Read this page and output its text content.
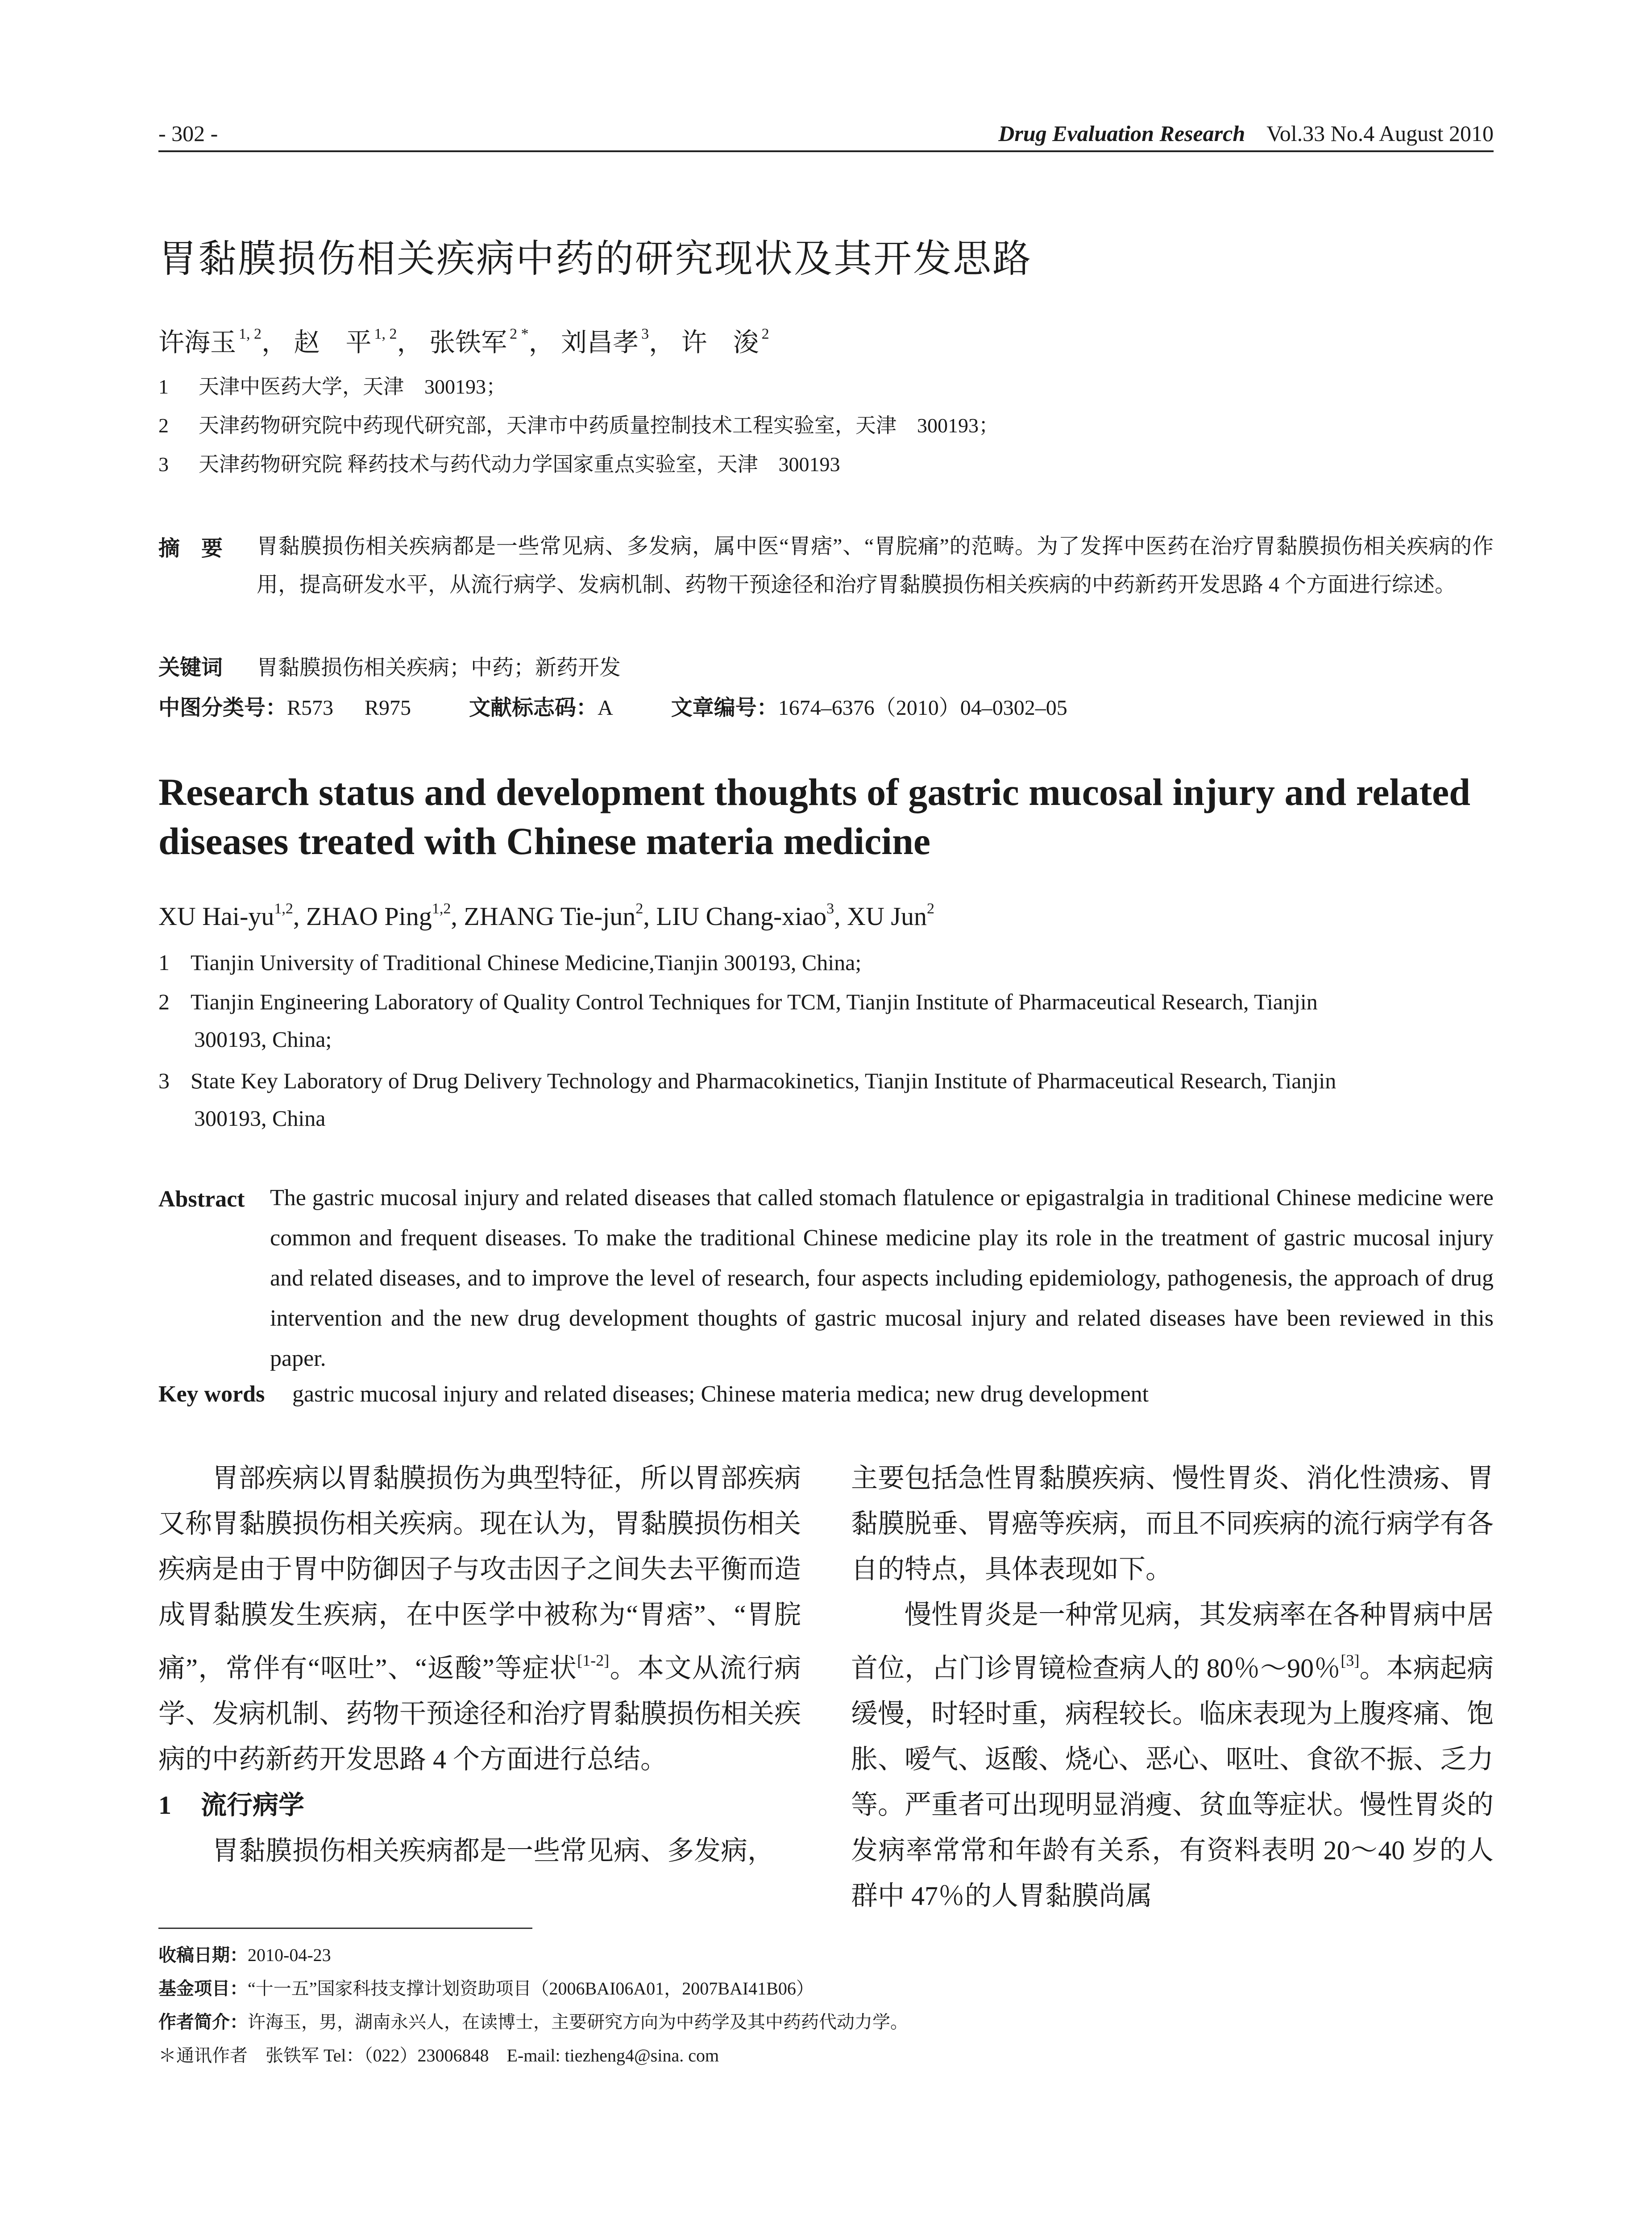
- 302 -	Drug Evaluation Research Vol.33 No.4 August 2010
胃黏膜损伤相关疾病中药的研究现状及其开发思路
许海玉 $^{1, 2}$， 赵　平 $^{1, 2}$， 张铁军 $^{2 *}$， 刘昌孝 $^3$， 许　浚 $^2$
1 天津中医药大学，天津　300193；
2 天津药物研究院中药现代研究部，天津市中药质量控制技术工程实验室，天津　300193；
3 天津药物研究院 释药技术与药代动力学国家重点实验室，天津　300193
摘　要 胃黏膜损伤相关疾病都是一些常见病、多发病，属中医“胃痞”、“胃脘痛”的范畴。为了发挥中医药在治疗胃黏膜损伤相关疾病的作用，提高研发水平，从流行病学、发病机制、药物干预途径和治疗胃黏膜损伤相关疾病的中药新药开发思路 4 个方面进行综述。
关键词 胃黏膜损伤相关疾病；中药；新药开发
中图分类号：R573 R975	文献标志码：A	文章编号：1674–6376（2010）04–0302–05
Research status and development thoughts of gastric mucosal injury and related diseases treated with Chinese materia medicine
XU Hai-yu$^{1,2}$, ZHAO Ping$^{1,2}$, ZHANG Tie-jun$^2$, LIU Chang-xiao$^3$, XU Jun$^2$
1 Tianjin University of Traditional Chinese Medicine,Tianjin 300193, China;
2 Tianjin Engineering Laboratory of Quality Control Techniques for TCM, Tianjin Institute of Pharmaceutical Research, Tianjin
300193, China;
3 State Key Laboratory of Drug Delivery Technology and Pharmacokinetics, Tianjin Institute of Pharmaceutical Research, Tianjin
300193, China
Abstract The gastric mucosal injury and related diseases that called stomach flatulence or epigastralgia in traditional Chinese medicine were common and frequent diseases. To make the traditional Chinese medicine play its role in the treatment of gastric mucosal injury and related diseases, and to improve the level of research, four aspects including epidemiology, pathogenesis, the approach of drug intervention and the new drug development thoughts of gastric mucosal injury and related diseases have been reviewed in this paper.
Key words gastric mucosal injury and related diseases; Chinese materia medica; new drug development

胃部疾病以胃黏膜损伤为典型特征，所以胃部疾病又称胃黏膜损伤相关疾病。现在认为，胃黏膜损伤相关疾病是由于胃中防御因子与攻击因子之间失去平衡而造成胃黏膜发生疾病，在中医学中被称为“胃痞”、“胃脘痛”，常伴有“呕吐”、“返酸”等症状[1-2]。本文从流行病学、发病机制、药物干预途径和治疗胃黏膜损伤相关疾病的中药新药开发思路 4 个方面进行总结。

1 流行病学

胃黏膜损伤相关疾病都是一些常见病、多发病，

主要包括急性胃黏膜疾病、慢性胃炎、消化性溃疡、胃黏膜脱垂、胃癌等疾病，而且不同疾病的流行病学有各自的特点，具体表现如下。

慢性胃炎是一种常见病，其发病率在各种胃病中居首位，占门诊胃镜检查病人的 80％～90％[3]。本病起病缓慢，时轻时重，病程较长。临床表现为上腹疼痛、饱胀、嗳气、返酸、烧心、恶心、呕吐、食欲不振、乏力等。严重者可出现明显消瘦、贫血等症状。慢性胃炎的发病率常常和年龄有关系，有资料表明 20～40 岁的人群中 47％的人胃黏膜尚属

收稿日期：2010-04-23
基金项目：“十一五”国家科技支撑计划资助项目（2006BAI06A01，2007BAI41B06）
作者简介：许海玉，男，湖南永兴人，在读博士，主要研究方向为中药学及其中药药代动力学。
＊通讯作者　张铁军 Tel：（022）23006848　E-mail: tiezheng4@sina. com
